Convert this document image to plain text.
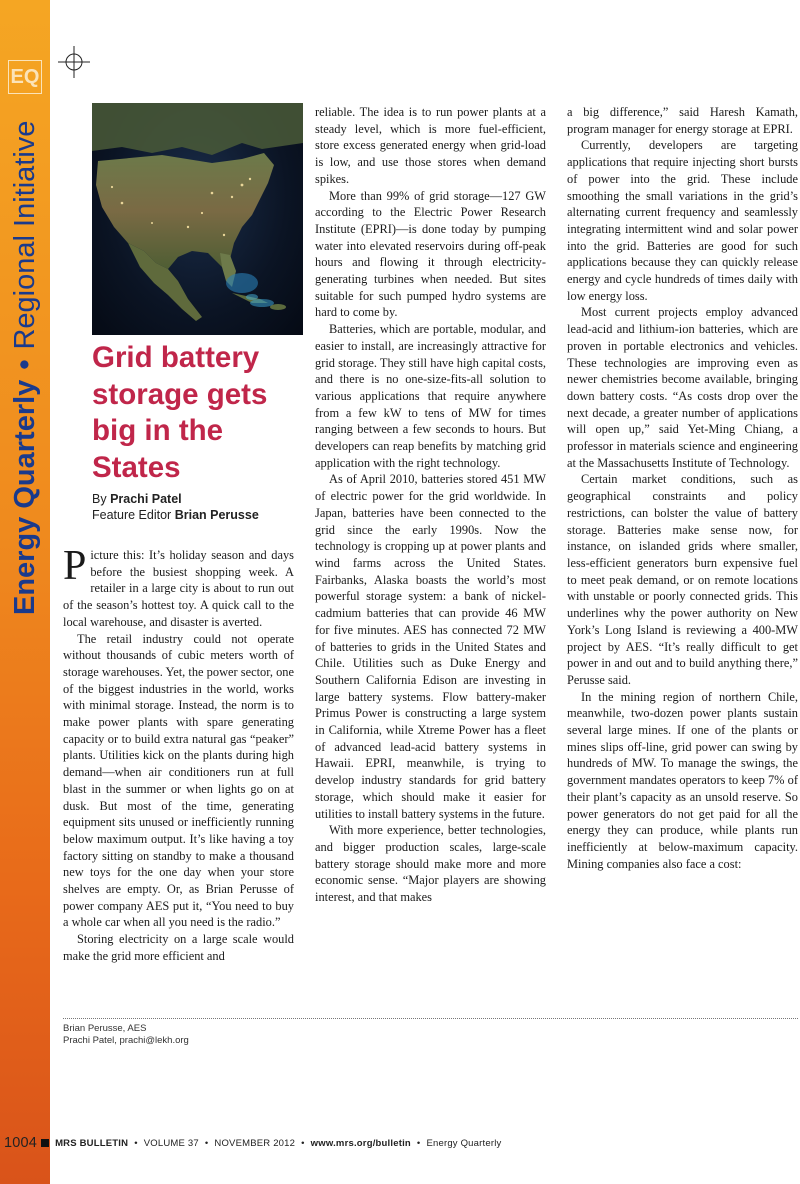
EQ
Energy Quarterly
•
Regional Initiative
Grid battery storage gets big in the States
By Prachi Patel
Feature Editor Brian Perusse

Picture this: It’s holiday season and days before the busiest shopping week. A retailer in a large city is about to run out of the season’s hottest toy. A quick call to the local warehouse, and disaster is averted.

The retail industry could not operate without thousands of cubic meters worth of storage warehouses. Yet, the power sector, one of the biggest industries in the world, works with minimal storage. Instead, the norm is to make power plants with spare generating capacity or to build extra natural gas “peaker” plants. Utilities kick on the plants during high demand—when air conditioners run at full blast in the summer or when lights go on at dusk. But most of the time, generating equipment sits unused or inefficiently running below maximum output. It’s like having a toy factory sitting on standby to make a thousand new toys for the one day when your store shelves are empty. Or, as Brian Perusse of power company AES put it, “You need to buy a whole car when all you need is the radio.”

Storing electricity on a large scale would make the grid more efficient and

reliable. The idea is to run power plants at a steady level, which is more fuel-efficient, store excess generated energy when grid-load is low, and use those stores when demand spikes.

More than 99% of grid storage—127 GW according to the Electric Power Research Institute (EPRI)—is done today by pumping water into elevated reservoirs during off-peak hours and flowing it through electricity-generating turbines when needed. But sites suitable for such pumped hydro systems are hard to come by.

Batteries, which are portable, modular, and easier to install, are increasingly attractive for grid storage. They still have high capital costs, and there is no one-size-fits-all solution to various applications that require anywhere from a few kW to tens of MW for times ranging between a few seconds to hours. But developers can reap benefits by matching grid application with the right technology.

As of April 2010, batteries stored 451 MW of electric power for the grid worldwide. In Japan, batteries have been connected to the grid since the early 1990s. Now the technology is cropping up at power plants and wind farms across the United States. Fairbanks, Alaska boasts the world’s most powerful storage system: a bank of nickel-cadmium batteries that can provide 46 MW for five minutes. AES has connected 72 MW of batteries to grids in the United States and Chile. Utilities such as Duke Energy and Southern California Edison are investing in large battery systems. Flow battery-maker Primus Power is constructing a large system in California, while Xtreme Power has a fleet of advanced lead-acid battery systems in Hawaii. EPRI, meanwhile, is trying to develop industry standards for grid battery storage, which should make it easier for utilities to install battery systems in the future.

With more experience, better technologies, and bigger production scales, large-scale battery storage should make more and more economic sense. “Major players are showing interest, and that makes

a big difference,” said Haresh Kamath, program manager for energy storage at EPRI.

Currently, developers are targeting applications that require injecting short bursts of power into the grid. These include smoothing the small variations in the grid’s alternating current frequency and seamlessly integrating intermittent wind and solar power into the grid. Batteries are good for such applications because they can quickly release energy and cycle hundreds of times daily with low energy loss.

Most current projects employ advanced lead-acid and lithium-ion batteries, which are proven in portable electronics and vehicles. These technologies are improving even as newer chemistries become available, bringing down battery costs. “As costs drop over the next decade, a greater number of applications will open up,” said Yet-Ming Chiang, a professor in materials science and engineering at the Massachusetts Institute of Technology.

Certain market conditions, such as geographical constraints and policy restrictions, can bolster the value of battery storage. Batteries make sense now, for instance, on islanded grids where smaller, less-efficient generators burn expensive fuel to meet peak demand, or on remote locations with unstable or poorly connected grids. This underlines why the power authority on New York’s Long Island is reviewing a 400-MW project by AES. “It’s really difficult to get power in and out and to build anything there,” Perusse said.

In the mining region of northern Chile, meanwhile, two-dozen power plants sustain several large mines. If one of the plants or mines slips off-line, grid power can swing by hundreds of MW. To manage the swings, the government mandates operators to keep 7% of their plant’s capacity as an unsold reserve. So power generators do not get paid for all the energy they can produce, while plants run inefficiently at below-maximum capacity. Mining companies also face a cost:

Brian Perusse, AES
Prachi Patel, prachi@lekh.org
1004 MRS BULLETIN • VOLUME 37 • NOVEMBER 2012 • www.mrs.org/bulletin • Energy Quarterly
